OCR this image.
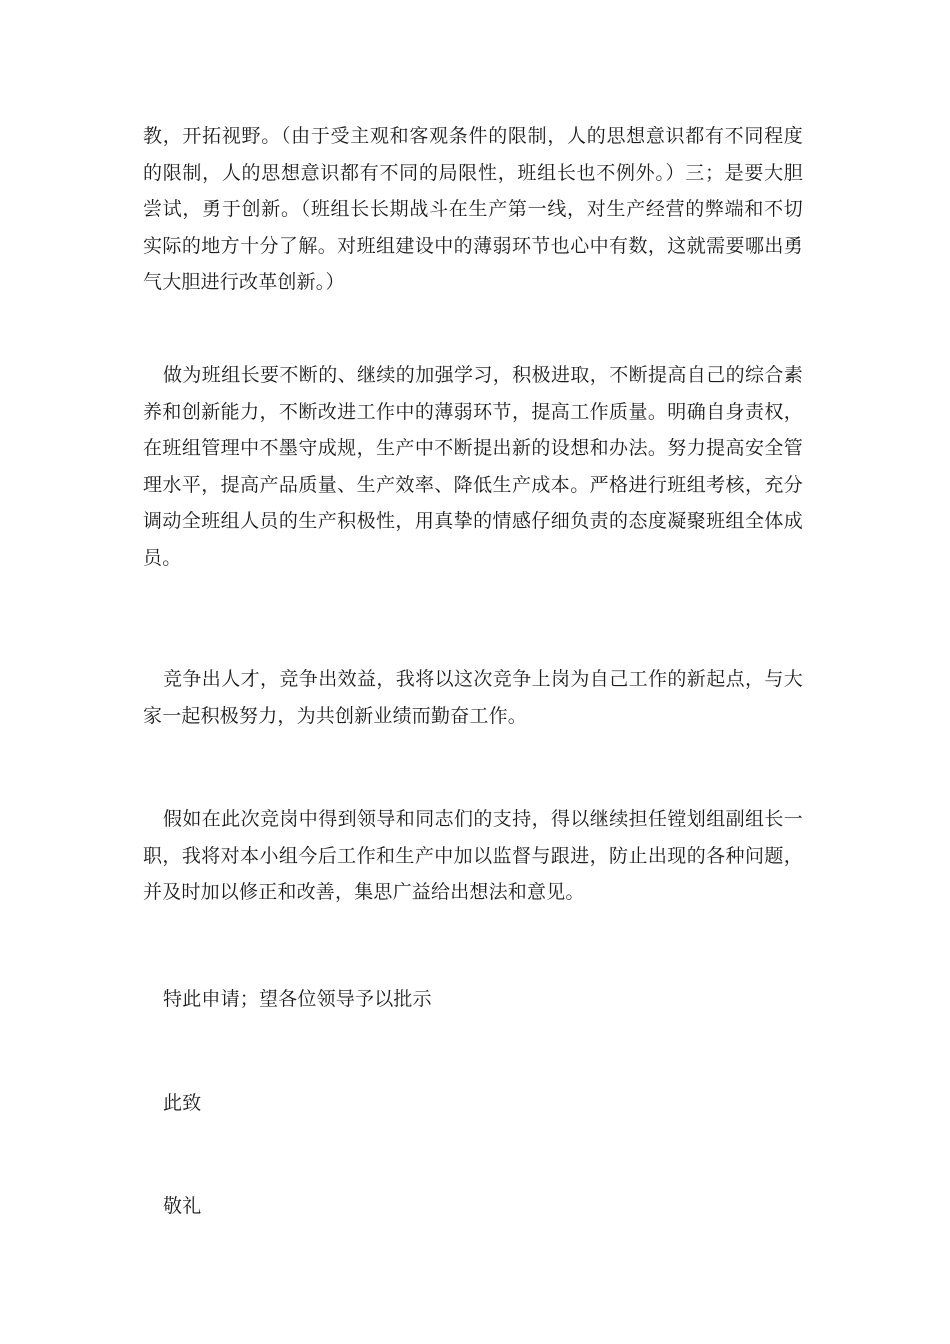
教，开拓视野。（由于受主观和客观条件的限制，人的思想意识都有不同程度的限制，人的思想意识都有不同的局限性，班组长也不例外。）三；是要大胆尝试，勇于创新。（班组长长期战斗在生产第一线，对生产经营的弊端和不切实际的地方十分了解。对班组建设中的薄弱环节也心中有数，这就需要哪出勇气大胆进行改革创新。）

做为班组长要不断的、继续的加强学习，积极进取，不断提高自己的综合素养和创新能力，不断改进工作中的薄弱环节，提高工作质量。明确自身责权，在班组管理中不墨守成规，生产中不断提出新的设想和办法。努力提高安全管理水平，提高产品质量、生产效率、降低生产成本。严格进行班组考核，充分调动全班组人员的生产积极性，用真挚的情感仔细负责的态度凝聚班组全体成员。

竞争出人才，竞争出效益，我将以这次竞争上岗为自己工作的新起点，与大家一起积极努力，为共创新业绩而勤奋工作。

假如在此次竞岗中得到领导和同志们的支持，得以继续担任镗划组副组长一职，我将对本小组今后工作和生产中加以监督与跟进，防止出现的各种问题，并及时加以修正和改善，集思广益给出想法和意见。

特此申请；望各位领导予以批示

此致

敬礼
